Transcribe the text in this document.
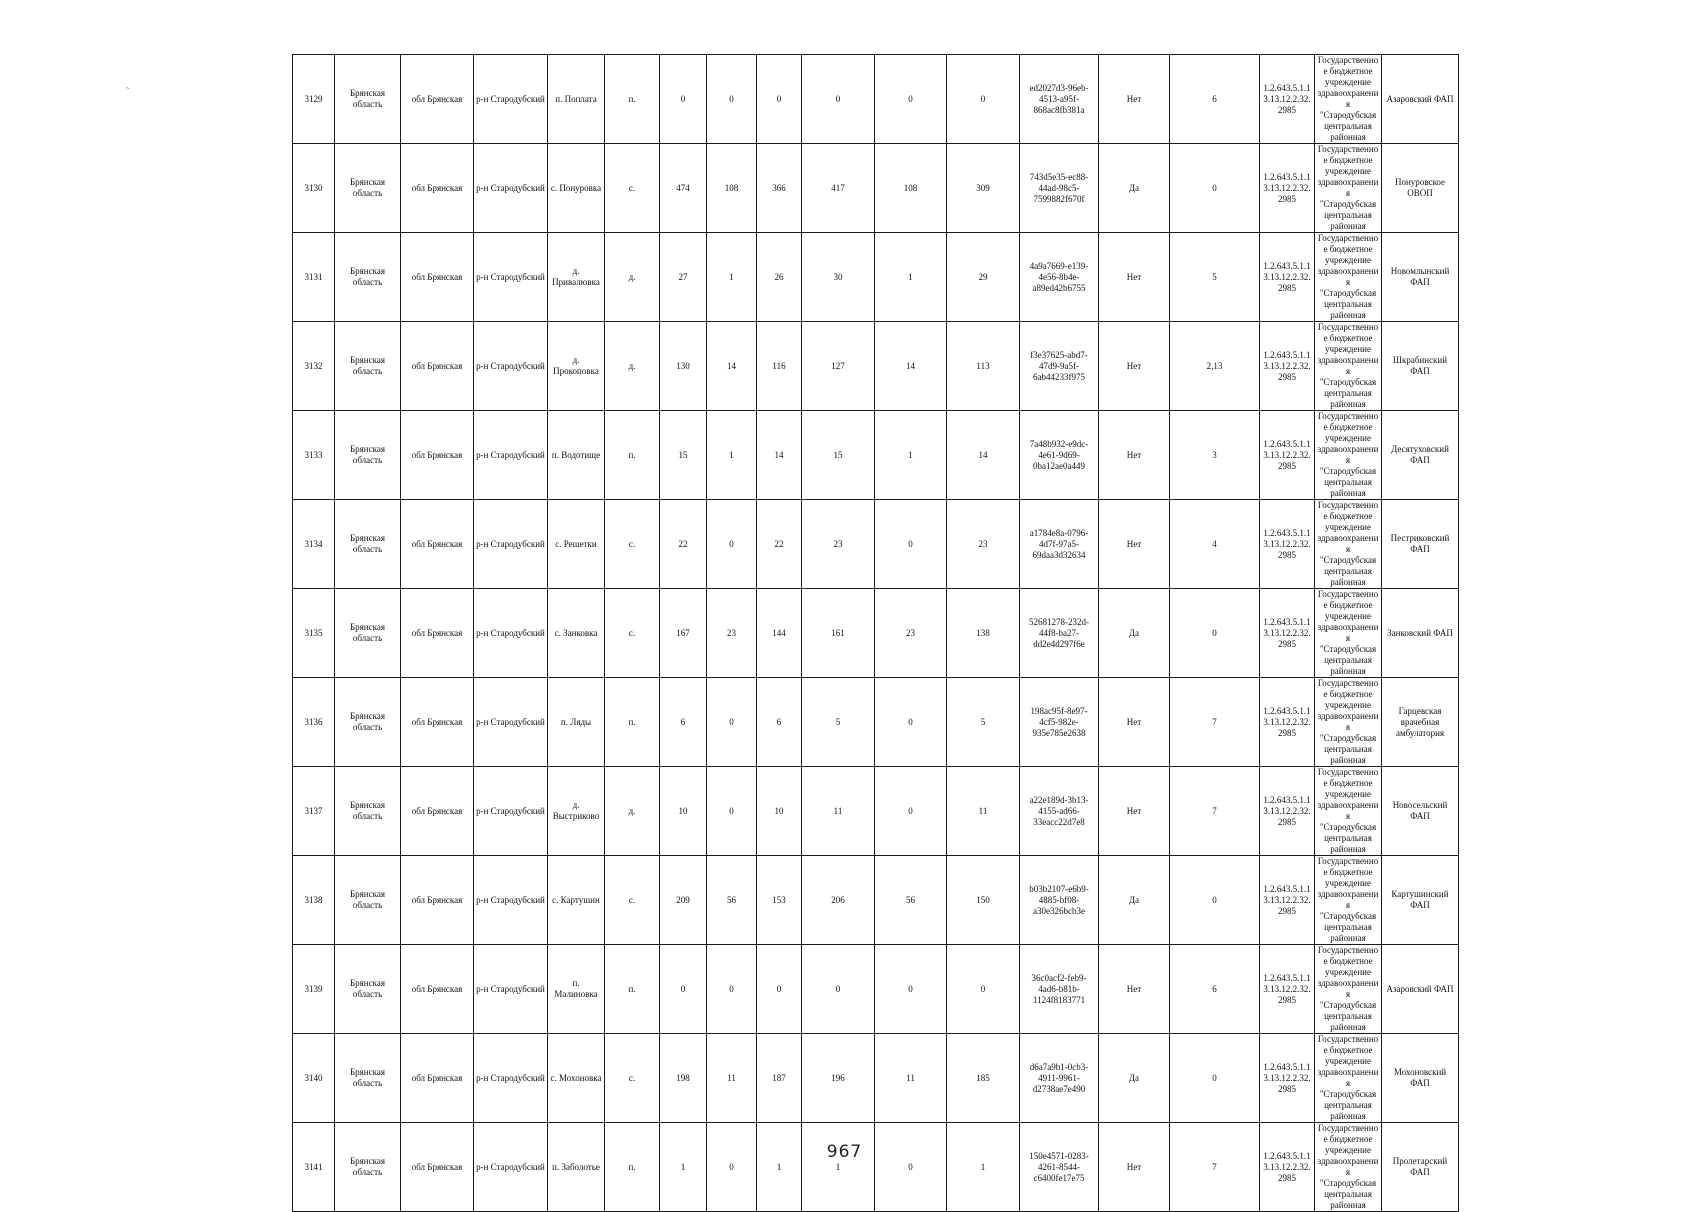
`
3129	Брянская область	обл Брянская	р-н Стародубский	п. Поплата	п.	0	0	0	0	0	0	ed2027d3-96eb-4513-a95f-868ac8fb381a	Нет	6	1.2.643.5.1.13.13.12.2.32.2985	Государственное бюджетное учреждение здравоохранения "Стародубская центральная районная	Азаровский ФАП
3130	Брянская область	обл Брянская	р-н Стародубский	с. Понуровка	с.	474	108	366	417	108	309	743d5e35-ec88-44ad-98c5-7599882f670f	Да	0	1.2.643.5.1.13.13.12.2.32.2985	Государственное бюджетное учреждение здравоохранения "Стародубская центральная районная	Понуровское ОВОП
3131	Брянская область	обл Брянская	р-н Стародубский	д. Привалювка	д.	27	1	26	30	1	29	4a9a7669-e139-4e56-8b4e-a89ed42b6755	Нет	5	1.2.643.5.1.13.13.12.2.32.2985	Государственное бюджетное учреждение здравоохранения "Стародубская центральная районная	Новомлынский ФАП
3132	Брянская область	обл Брянская	р-н Стародубский	д. Прокоповка	д.	130	14	116	127	14	113	f3e37625-abd7-47d9-9a5f-6ab44233f975	Нет	2,13	1.2.643.5.1.13.13.12.2.32.2985	Государственное бюджетное учреждение здравоохранения "Стародубская центральная районная	Шкрабинский ФАП
3133	Брянская область	обл Брянская	р-н Стародубский	п. Водотище	п.	15	1	14	15	1	14	7a48b932-e9dc-4e61-9d69-0ba12ae0a449	Нет	3	1.2.643.5.1.13.13.12.2.32.2985	Государственное бюджетное учреждение здравоохранения "Стародубская центральная районная	Десятуховский ФАП
3134	Брянская область	обл Брянская	р-н Стародубский	с. Решетки	с.	22	0	22	23	0	23	a1784e8a-0796-4d7f-97a5-69daa3d32634	Нет	4	1.2.643.5.1.13.13.12.2.32.2985	Государственное бюджетное учреждение здравоохранения "Стародубская центральная районная	Пестриковский ФАП
3135	Брянская область	обл Брянская	р-н Стародубский	с. Занковка	с.	167	23	144	161	23	138	52681278-232d-44f8-ba27-dd2e4d297f6e	Да	0	1.2.643.5.1.13.13.12.2.32.2985	Государственное бюджетное учреждение здравоохранения "Стародубская центральная районная	Занковский ФАП
3136	Брянская область	обл Брянская	р-н Стародубский	п. Ляды	п.	6	0	6	5	0	5	198ac95f-8e97-4cf5-982e-935e785e2638	Нет	7	1.2.643.5.1.13.13.12.2.32.2985	Государственное бюджетное учреждение здравоохранения "Стародубская центральная районная	Гарцевская врачебная амбулатория
3137	Брянская область	обл Брянская	р-н Стародубский	д. Выстриково	д.	10	0	10	11	0	11	a22e189d-3b13-4155-ad66-33eacc22d7e8	Нет	7	1.2.643.5.1.13.13.12.2.32.2985	Государственное бюджетное учреждение здравоохранения "Стародубская центральная районная	Новосельский ФАП
3138	Брянская область	обл Брянская	р-н Стародубский	с. Картушин	с.	209	56	153	206	56	150	b03b2107-e6b9-4885-bf08-a30e326bcb3e	Да	0	1.2.643.5.1.13.13.12.2.32.2985	Государственное бюджетное учреждение здравоохранения "Стародубская центральная районная	Картушинский ФАП
3139	Брянская область	обл Брянская	р-н Стародубский	п. Малиновка	п.	0	0	0	0	0	0	36c0acf2-feb9-4ad6-b81b-1124f8183771	Нет	6	1.2.643.5.1.13.13.12.2.32.2985	Государственное бюджетное учреждение здравоохранения "Стародубская центральная районная	Азаровский ФАП
3140	Брянская область	обл Брянская	р-н Стародубский	с. Мохоновка	с.	198	11	187	196	11	185	d6a7a9b1-0cb3-4911-9961-d2738ae7e490	Да	0	1.2.643.5.1.13.13.12.2.32.2985	Государственное бюджетное учреждение здравоохранения "Стародубская центральная районная	Мохоновский ФАП
3141	Брянская область	обл Брянская	р-н Стародубский	п. Заболотье	п.	1	0	1	1	0	1	150e4571-0283-4261-8544-c6400fe17e75	Нет	7	1.2.643.5.1.13.13.12.2.32.2985	Государственное бюджетное учреждение здравоохранения "Стародубская центральная районная	Пролетарский ФАП
967
